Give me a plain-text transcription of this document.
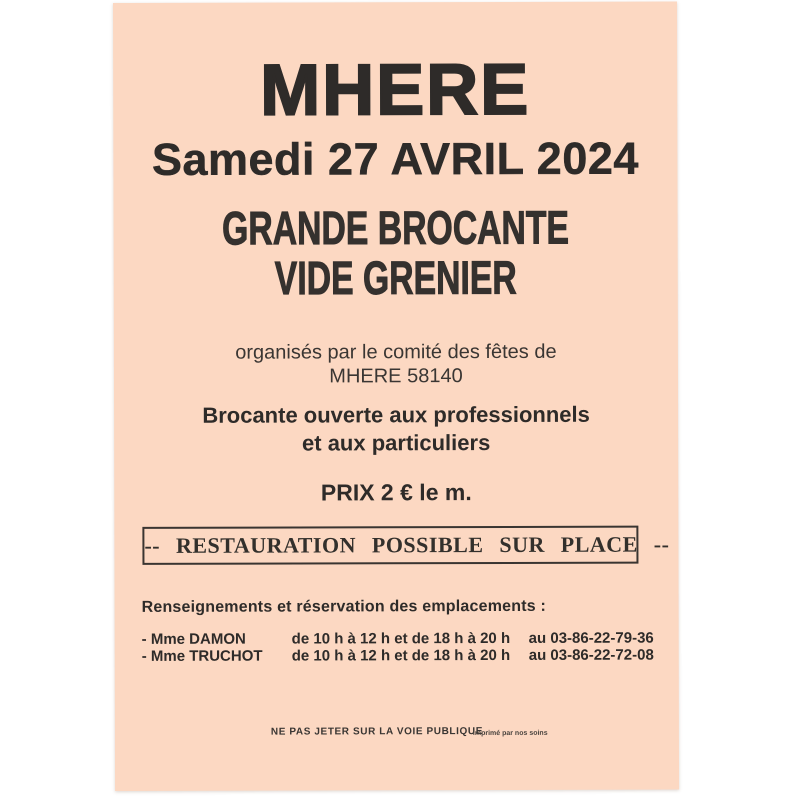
MHERE
Samedi 27 AVRIL 2024
GRANDE BROCANTE
VIDE GRENIER
organisés par le comité des fêtes de
MHERE 58140
Brocante ouverte aux professionnels
et aux particuliers
PRIX 2 € le m.
-- RESTAURATION POSSIBLE SUR PLACE --
Renseignements et réservation des emplacements :
- Mme DAMON	de 10 h à 12 h et de 18 h à 20 h au 03-86-22-79-36
- Mme TRUCHOT de 10 h à 12 h et de 18 h à 20 h au 03-86-22-72-08
NE PAS JETER SUR LA VOIE PUBLIQUE
Imprimé par nos soins
